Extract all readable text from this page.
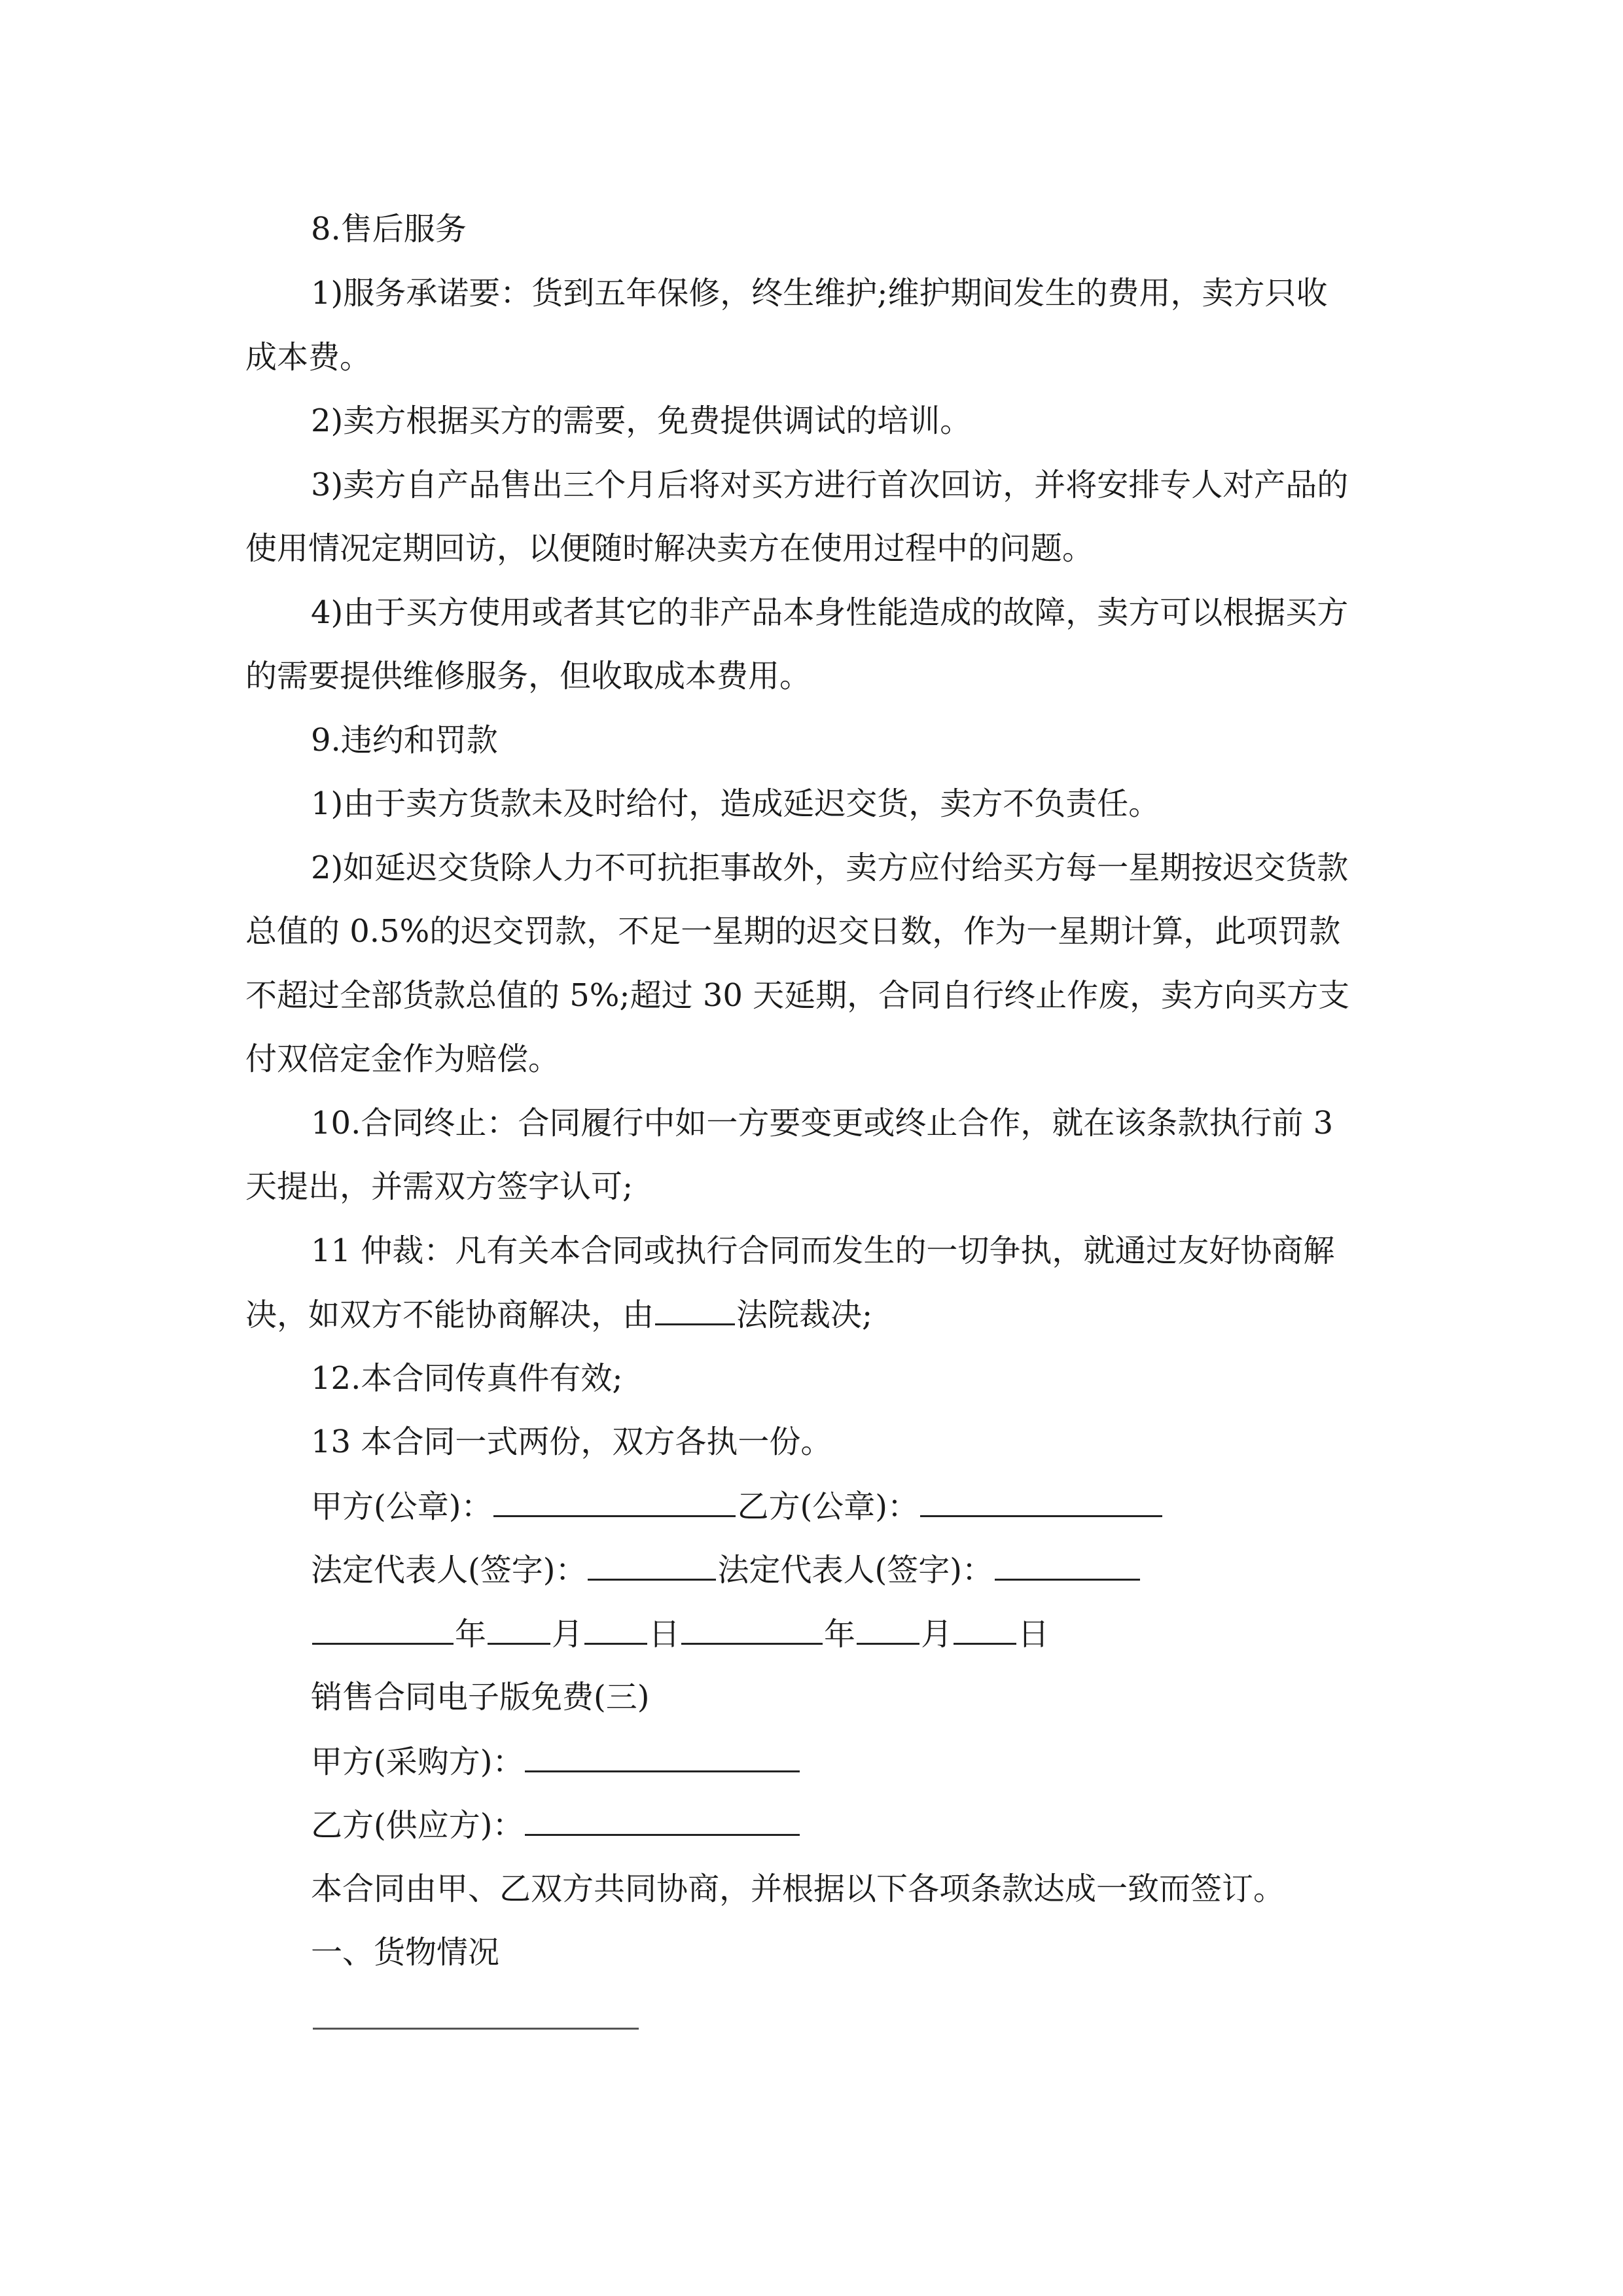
8.售后服务
1)服务承诺要：货到五年保修，终生维护;维护期间发生的费用，卖方只收
成本费。
2)卖方根据买方的需要，免费提供调试的培训。
3)卖方自产品售出三个月后将对买方进行首次回访，并将安排专人对产品的
使用情况定期回访，以便随时解决卖方在使用过程中的问题。
4)由于买方使用或者其它的非产品本身性能造成的故障，卖方可以根据买方
的需要提供维修服务，但收取成本费用。
9.违约和罚款
1)由于卖方货款未及时给付，造成延迟交货，卖方不负责任。
2)如延迟交货除人力不可抗拒事故外，卖方应付给买方每一星期按迟交货款
总值的 0.5%的迟交罚款，不足一星期的迟交日数，作为一星期计算，此项罚款
不超过全部货款总值的 5%;超过 30 天延期，合同自行终止作废，卖方向买方支
付双倍定金作为赔偿。
10.合同终止：合同履行中如一方要变更或终止合作，就在该条款执行前 3
天提出，并需双方签字认可;
11 仲裁：凡有关本合同或执行合同而发生的一切争执，就通过友好协商解
决，如双方不能协商解决，由	法院裁决;
12.本合同传真件有效;
13 本合同一式两份，双方各执一份。
甲方(公章)：	乙方(公章)：
法定代表人(签字)：	法定代表人(签字)：
年 月 日	年 月 日
销售合同电子版免费(三)
甲方(采购方)：
乙方(供应方)：
本合同由甲、乙双方共同协商，并根据以下各项条款达成一致而签订。
一、货物情况
